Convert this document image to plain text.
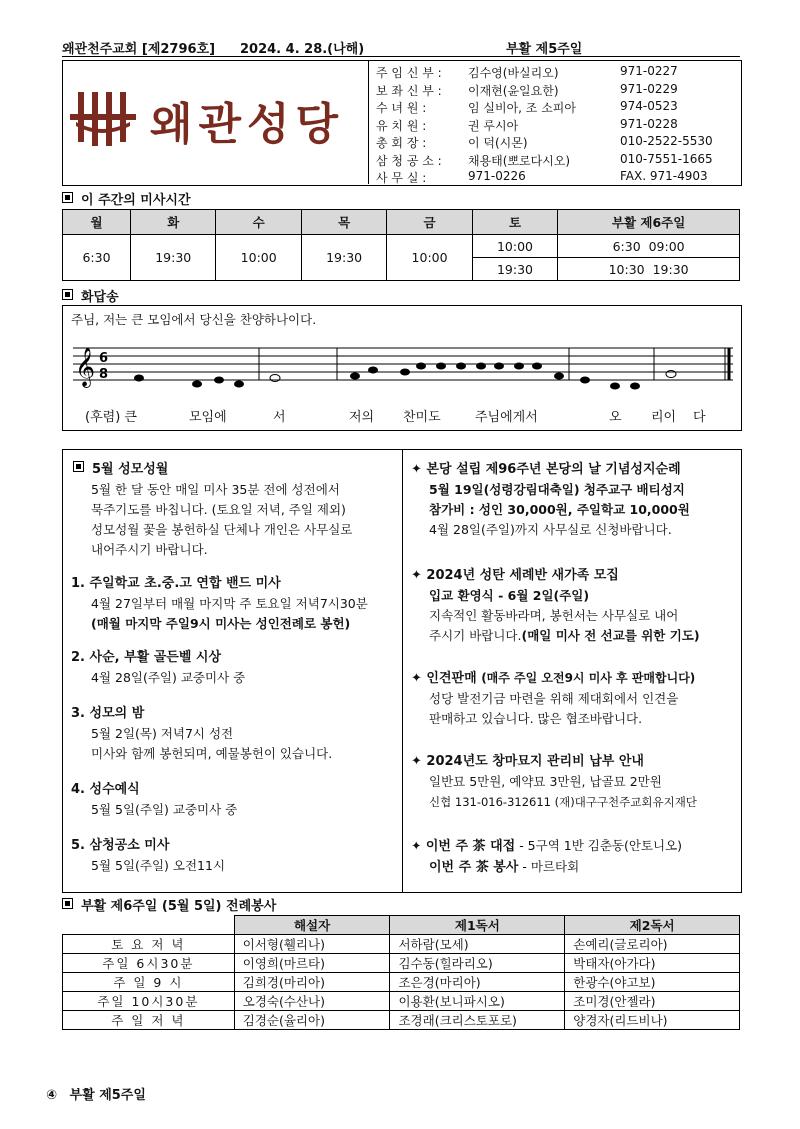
왜관천주교회 [제2796호] 2024. 4. 28.(나해)	부활 제5주일
왜관성당
주 임 신 부 : 김수영(바실리오)	971-0227
보 좌 신 부 : 이재현(윤일요한)	971-0229
수 녀 원 :	임 실비아, 조 소피아	974-0523
유 치 원 :	권 루시아	971-0228
총 회 장 :	이 덕(시몬)	010-2522-5530
삼 청 공 소 : 채용태(뽀로다시오)	010-7551-1665
사 무 실 :	971-0226	FAX. 971-4903
이 주간의 미사시간
월	화	수	목	금	토	부활 제6주일
6:30	19:30	10:00	19:30	10:00	10:00	6:30  09:00
					19:30	10:30  19:30
화답송
주님, 저는 큰 모임에서 당신을 찬양하나이다.
𝄞 6
8
(후렴) 큰	모임에	서	저의 찬미도	주님에게서	오 리이 다
5월 성모성월
5월 한 달 동안 매일 미사 35분 전에 성전에서
묵주기도를 바칩니다. (토요일 저녁, 주일 제외)
성모성월 꽃을 봉헌하실 단체나 개인은 사무실로
내어주시기 바랍니다.
1. 주일학교 초.중.고 연합 밴드 미사
4월 27일부터 매월 마지막 주 토요일 저녁7시30분
(매월 마지막 주일9시 미사는 성인전례로 봉헌)
2. 사순, 부활 골든벨 시상
4월 28일(주일) 교중미사 중
3. 성모의 밤
5월 2일(목) 저녁7시 성전
미사와 함께 봉헌되며, 예물봉헌이 있습니다.
4. 성수예식
5월 5일(주일) 교중미사 중
5. 삼청공소 미사
5월 5일(주일) 오전11시
✦ 본당 설립 제96주년 본당의 날 기념성지순례
5월 19일(성령강림대축일) 청주교구 배티성지
참가비 : 성인 30,000원, 주일학교 10,000원
4월 28일(주일)까지 사무실로 신청바랍니다.
✦ 2024년 성탄 세례반 새가족 모집
입교 환영식 - 6월 2일(주일)
지속적인 활동바라며, 봉헌서는 사무실로 내어
주시기 바랍니다.(매일 미사 전 선교를 위한 기도)
✦ 인견판매 (매주 주일 오전9시 미사 후 판매합니다)
성당 발전기금 마련을 위해 제대회에서 인견을
판매하고 있습니다. 많은 협조바랍니다.
✦ 2024년도 창마묘지 관리비 납부 안내
일반묘 5만원, 예약묘 3만원, 납골묘 2만원
신협 131-016-312611 (재)대구구천주교회유지재단
✦ 이번 주 茶 대접 - 5구역 1반 김춘동(안토니오)
이번 주 茶 봉사 - 마르타회
부활 제6주일 (5월 5일) 전례봉사
	해설자	제1독서	제2독서
토 요 저 녁	이서형(휄리나)	서하람(모세)	손예리(글로리아)
주일 6시30분	이영희(마르타)	김수동(힐라리오)	박태자(아가다)
주 일 9 시	김희경(마리아)	조은경(마리아)	한광수(야고보)
주일 10시30분	오경숙(수산나)	이용환(보니파시오)	조미경(안젤라)
주 일 저 녁	김경순(율리아)	조경래(크리스토포로)	양경자(리드비나)
④ 부활 제5주일
